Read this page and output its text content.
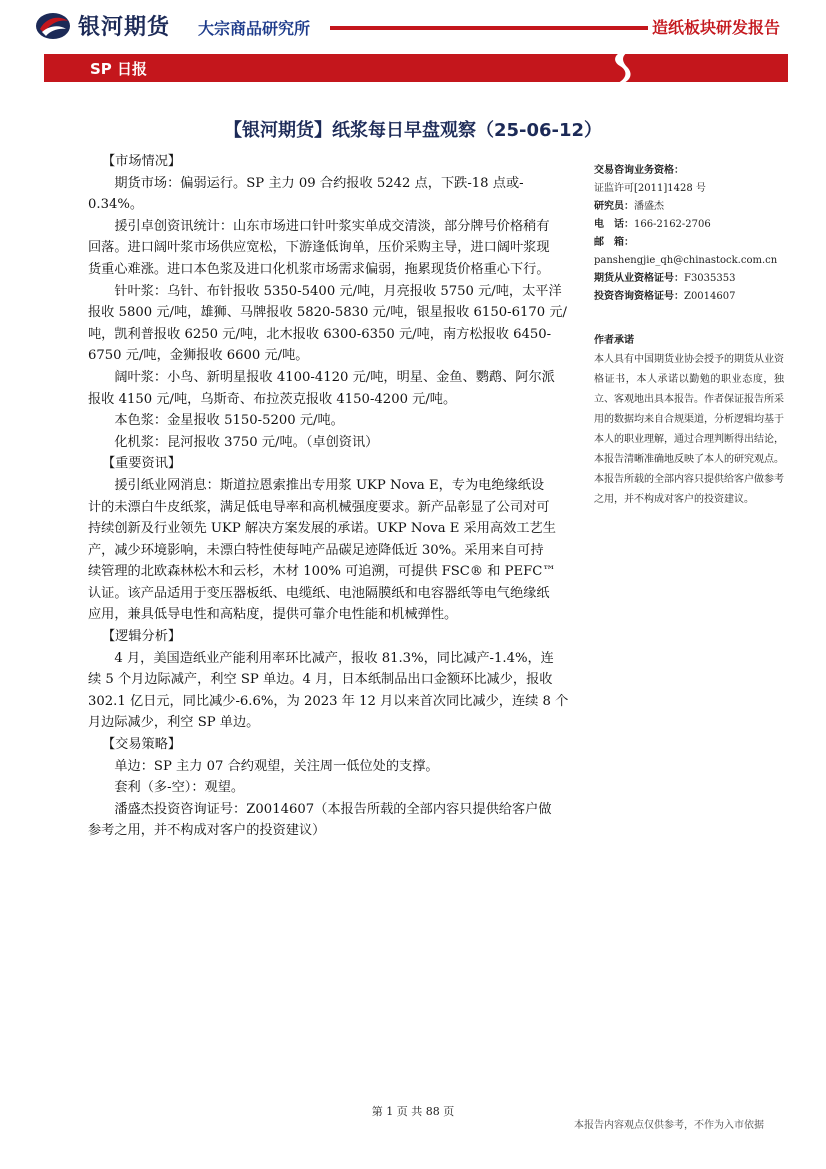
银河期货 大宗商品研究所	造纸板块研发报告
SP 日报
【银河期货】纸浆每日早盘观察（25-06-12）

【市场情况】

　　期货市场：偏弱运行。SP 主力 09 合约报收 5242 点，下跌-18 点或-

0.34%。

　　援引卓创资讯统计：山东市场进口针叶浆实单成交清淡，部分牌号价格稍有

回落。进口阔叶浆市场供应宽松，下游逢低询单，压价采购主导，进口阔叶浆现

货重心难涨。进口本色浆及进口化机浆市场需求偏弱，拖累现货价格重心下行。

　　针叶浆：乌针、布针报收 5350-5400 元/吨，月亮报收 5750 元/吨，太平洋

报收 5800 元/吨，雄狮、马牌报收 5820-5830 元/吨，银星报收 6150-6170 元/

吨，凯利普报收 6250 元/吨，北木报收 6300-6350 元/吨，南方松报收 6450-

6750 元/吨，金狮报收 6600 元/吨。

　　阔叶浆：小鸟、新明星报收 4100-4120 元/吨，明星、金鱼、鹦鹉、阿尔派

报收 4150 元/吨，乌斯奇、布拉茨克报收 4150-4200 元/吨。

　　本色浆：金星报收 5150-5200 元/吨。

　　化机浆：昆河报收 3750 元/吨。（卓创资讯）

【重要资讯】

　　援引纸业网消息：斯道拉恩索推出专用浆 UKP Nova E，专为电绝缘纸设

计的未漂白牛皮纸浆，满足低电导率和高机械强度要求。新产品彰显了公司对可

持续创新及行业领先 UKP 解决方案发展的承诺。UKP Nova E 采用高效工艺生

产，减少环境影响，未漂白特性使每吨产品碳足迹降低近 30%。采用来自可持

续管理的北欧森林松木和云杉，木材 100% 可追溯，可提供 FSC® 和 PEFC™

认证。该产品适用于变压器板纸、电缆纸、电池隔膜纸和电容器纸等电气绝缘纸

应用，兼具低导电性和高粘度，提供可靠介电性能和机械弹性。

【逻辑分析】

　　4 月，美国造纸业产能利用率环比减产，报收 81.3%，同比减产-1.4%，连

续 5 个月边际减产，利空 SP 单边。4 月，日本纸制品出口金额环比减少，报收

302.1 亿日元，同比减少-6.6%，为 2023 年 12 月以来首次同比减少，连续 8 个

月边际减少，利空 SP 单边。

【交易策略】

　　单边：SP 主力 07 合约观望，关注周一低位处的支撑。

　　套利（多-空）：观望。

　　潘盛杰投资咨询证号：Z0014607（本报告所载的全部内容只提供给客户做

参考之用，并不构成对客户的投资建议）

交易咨询业务资格：
证监许可[2011]1428 号
研究员：潘盛杰
电　话：166-2162-2706
邮　箱：
panshengjie_qh@chinastock.com.cn
期货从业资格证号：F3035353
投资咨询资格证号：Z0014607
作者承诺
本人具有中国期货业协会授予的期货从业资格证书，本人承诺以勤勉的职业态度，独立、客观地出具本报告。作者保证报告所采用的数据均来自合规渠道，分析逻辑均基于本人的职业理解，通过合理判断得出结论，本报告清晰准确地反映了本人的研究观点。本报告所载的全部内容只提供给客户做参考之用，并不构成对客户的投资建议。
第 1 页 共 88 页
本报告内容观点仅供参考，不作为入市依据
